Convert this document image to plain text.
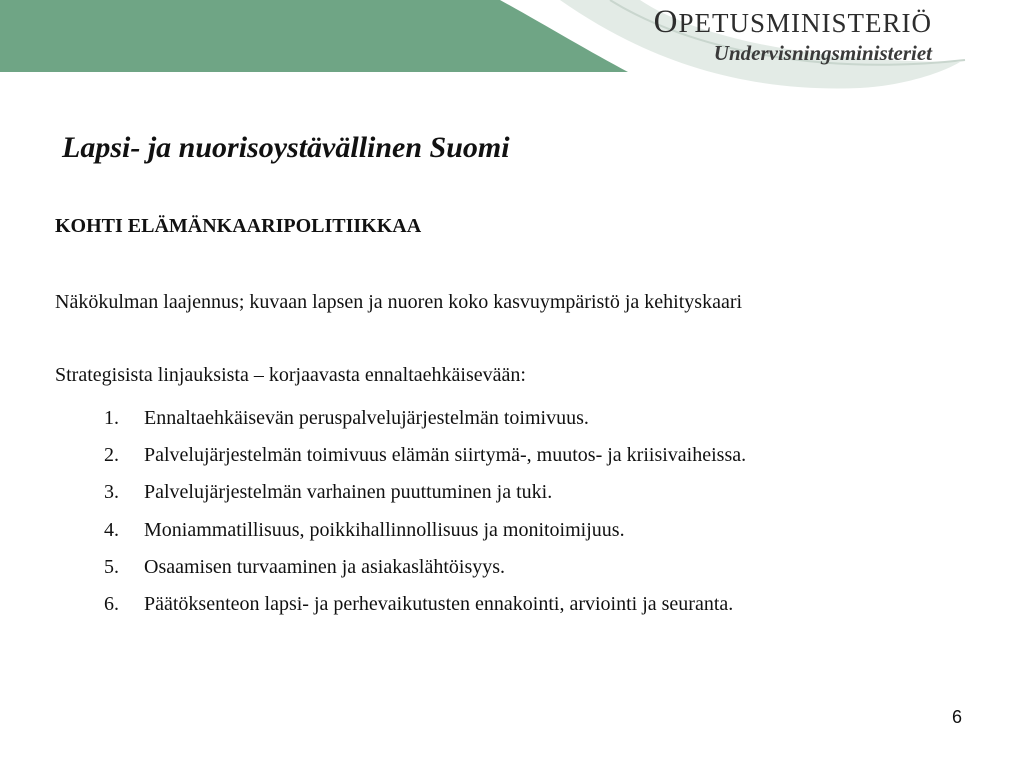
OPETUSMINISTERIÖ
Undervisningsministeriet
Lapsi- ja nuorisoystävällinen Suomi
KOHTI ELÄMÄNKAARIPOLITIIKKAA
Näkökulman laajennus; kuvaan lapsen ja nuoren koko kasvuympäristö ja kehityskaari
Strategisista linjauksista – korjaavasta ennaltaehkäisevään:
1.	Ennaltaehkäisevän peruspalvelujärjestelmän toimivuus.
2.	Palvelujärjestelmän toimivuus elämän siirtymä-, muutos- ja kriisivaiheissa.
3.	Palvelujärjestelmän varhainen puuttuminen ja tuki.
4.	Moniammatillisuus, poikkihallinnollisuus ja monitoimijuus.
5.	Osaamisen turvaaminen ja asiakaslähtöisyys.
6.	Päätöksenteon lapsi- ja perhevaikutusten ennakointi, arviointi ja seuranta.
6
